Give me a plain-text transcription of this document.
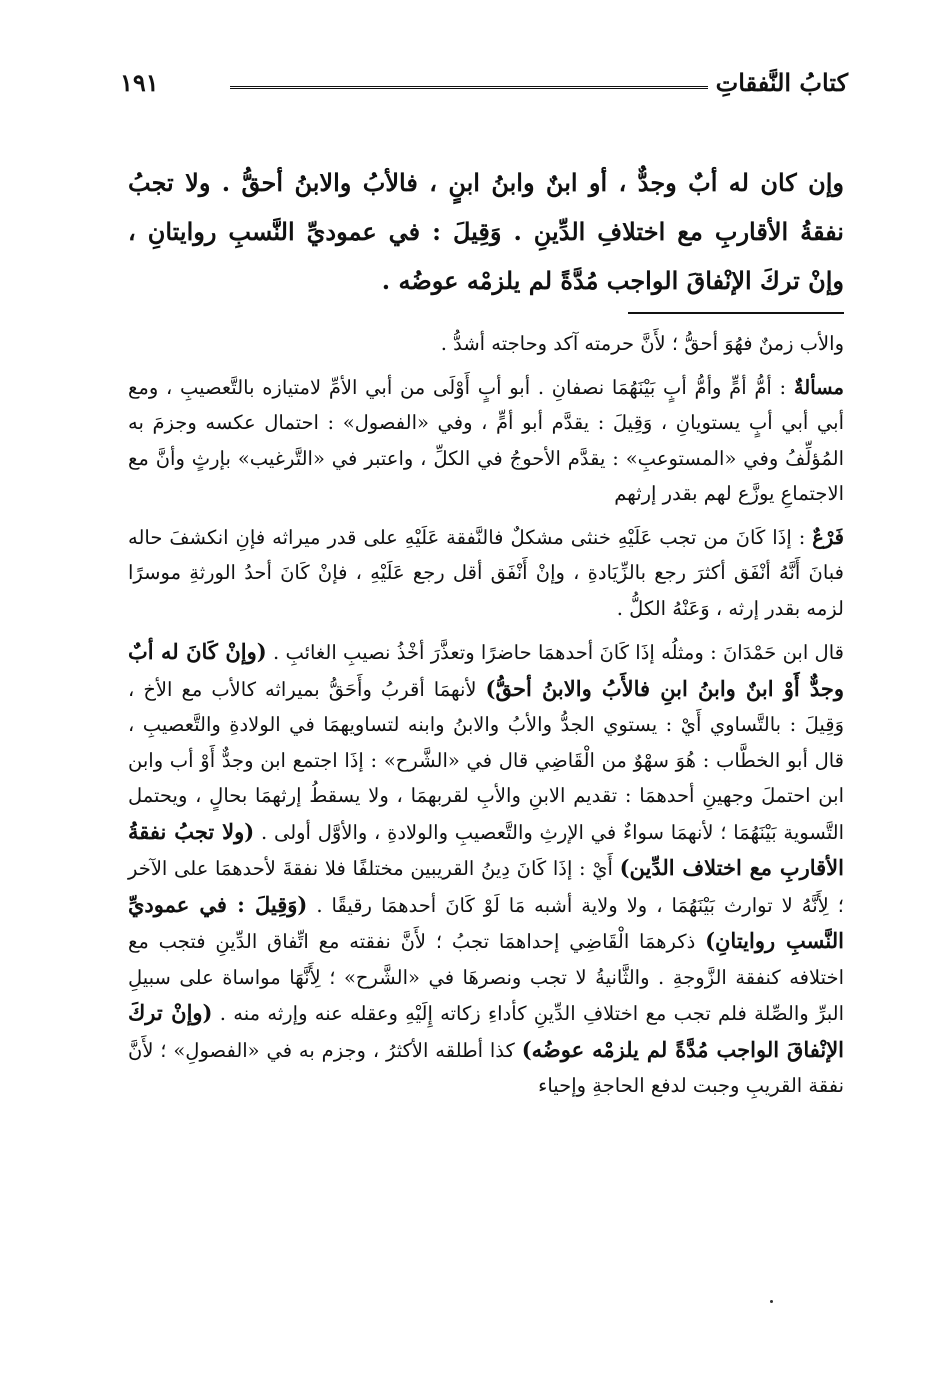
كتابُ النَّفقاتِ
١٩١
وإن كان له أبٌ وجدٌّ ، أو ابنٌ وابنُ ابنٍ ، فالأبُ والابنُ أحقُّ . ولا تجبُ نفقةُ الأقاربِ مع اختلافِ الدِّينِ . وَقِيلَ : في عموديِّ النَّسبِ روايتانِ ، وإنْ تركَ الإنْفاقَ الواجب مُدَّةً لم يلزمْه عوضُه .

والأب زمنٌ فهُوَ أحقُّ ؛ لأَنَّ حرمته آكد وحاجته أشدُّ .

مسألةٌ : أمُّ أمٍّ وأمُّ أبٍ بَيْنَهُمَا نصفانِ . أبو أبٍ أَوْلَى من أبي الأمِّ لامتيازه بالتَّعصيبِ ، ومع أبي أبي أبٍ يستويانِ ، وَقِيلَ : يقدَّم أبو أمٍّ ، وفي «الفصول» : احتمال عكسه وجزمَ به المُؤلِّفُ وفي «المستوعبِ» : يقدَّم الأحوجُ في الكلِّ ، واعتبر في «التَّرغيب» بإرثٍ وأنَّ مع الاجتماعِ يوزَّع لهم بقدر إرثهم

فَرْعٌ : إذَا كَانَ من تجب عَلَيْهِ خنثى مشكلٌ فالنَّفقة عَلَيْهِ على قدر ميراثه فإنِ انكشفَ حاله فبانَ أَنَّهُ أنْفَق أكثرَ رجع بالزِّيَادةِ ، وإنْ أَنْفَق أقل رجع عَلَيْهِ ، فإنْ كَانَ أحدُ الورثةِ موسرًا لزمه بقدر إرثه ، وَعَنْهُ الكلُّ .

قال ابن حَمْدَانَ : ومثلُه إذَا كَانَ أحدهمَا حاضرًا وتعذَّرَ أخْذُ نصيبِ الغائبِ . (وإنْ كَانَ له أبٌ وجدٌّ أَوْ ابنٌ وابنُ ابنِ فالأَبُ والابنُ أحقُّ) لأنهمَا أقربُ وأَحَقُّ بميراثه كالأب مع الأخ ، وَقِيلَ : بالتَّساوي أَيْ : يستوي الجدُّ والأبُ والابنُ وابنه لتساويهمَا في الولادةِ والتَّعصيبِ ، قال أبو الخطَّاب : هُوَ سهْوٌ من الْقَاضِي قال في «الشَّرح» : إذَا اجتمع ابن وجدٌّ أَوْ أب وابن ابن احتملَ وجهينِ أحدهمَا : تقديم الابنِ والأبِ لقربهمَا ، ولا يسقطُ إرثهمَا بحالٍ ، ويحتمل التَّسوية بَيْنَهُمَا ؛ لأنهمَا سواءٌ في الإرثِ والتَّعصيبِ والولادةِ ، والأوَّل أولى . (ولا تجبُ نفقةُ الأقاربِ مع اختلاف الدِّين) أَيْ : إذَا كَانَ دِينُ القريبين مختلفًا فلا نفقةَ لأحدهمَا على الآخر ؛ لِأَنَّهُ لا توارث بَيْنَهُمَا ، ولا ولاية أشبه مَا لَوْ كَانَ أحدهمَا رقيقًا . (وَقِيلَ : في عموديِّ النَّسبِ روايتانِ) ذكرهمَا الْقَاضِي إحداهمَا تجبُ ؛ لأَنَّ نفقته مع اتِّفاق الدِّينِ فتجب مع اختلافه كنفقة الزَّوجةِ . والثَّانيةُ لا تجب ونصرهَا في «الشَّرح» ؛ لِأَنَّهَا مواساة على سبيلِ البرِّ والصِّلة فلم تجب مع اختلافِ الدِّينِ كأداءِ زكاته إِلَيْهِ وعقله عنه وإرثه منه . (وإنْ تركَ الإنْفاقَ الواجب مُدَّةً لم يلزمْه عوضُه) كذا أطلقه الأكثرُ ، وجزم به في «الفصولِ» ؛ لأَنَّ نفقة القريبِ وجبت لدفع الحاجةِ وإحياء
